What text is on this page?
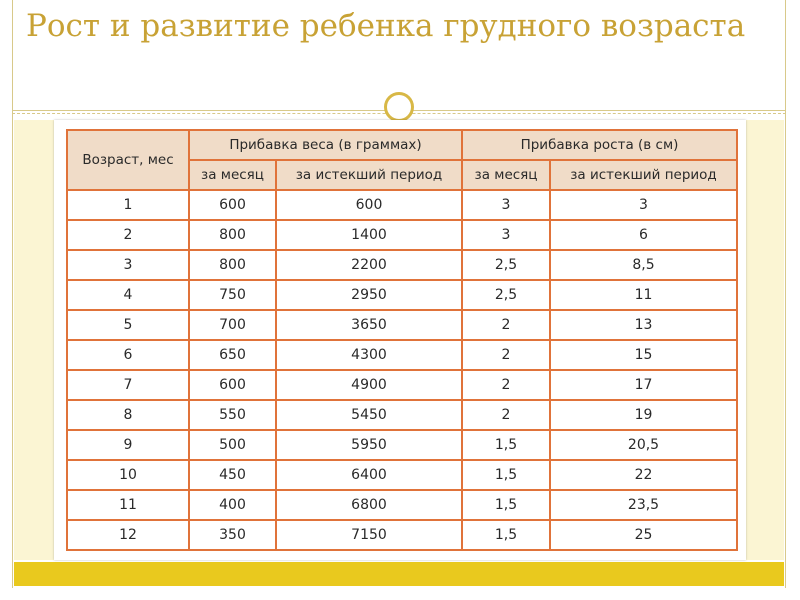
Рост и развитие ребенка грудного возраста
Возраст, мес	Прибавка веса (в граммах)		Прибавка роста (в см)	
	за месяц	за истекший период	за месяц	за истекший период
1	600	600	3	3
2	800	1400	3	6
3	800	2200	2,5	8,5
4	750	2950	2,5	11
5	700	3650	2	13
6	650	4300	2	15
7	600	4900	2	17
8	550	5450	2	19
9	500	5950	1,5	20,5
10	450	6400	1,5	22
11	400	6800	1,5	23,5
12	350	7150	1,5	25
